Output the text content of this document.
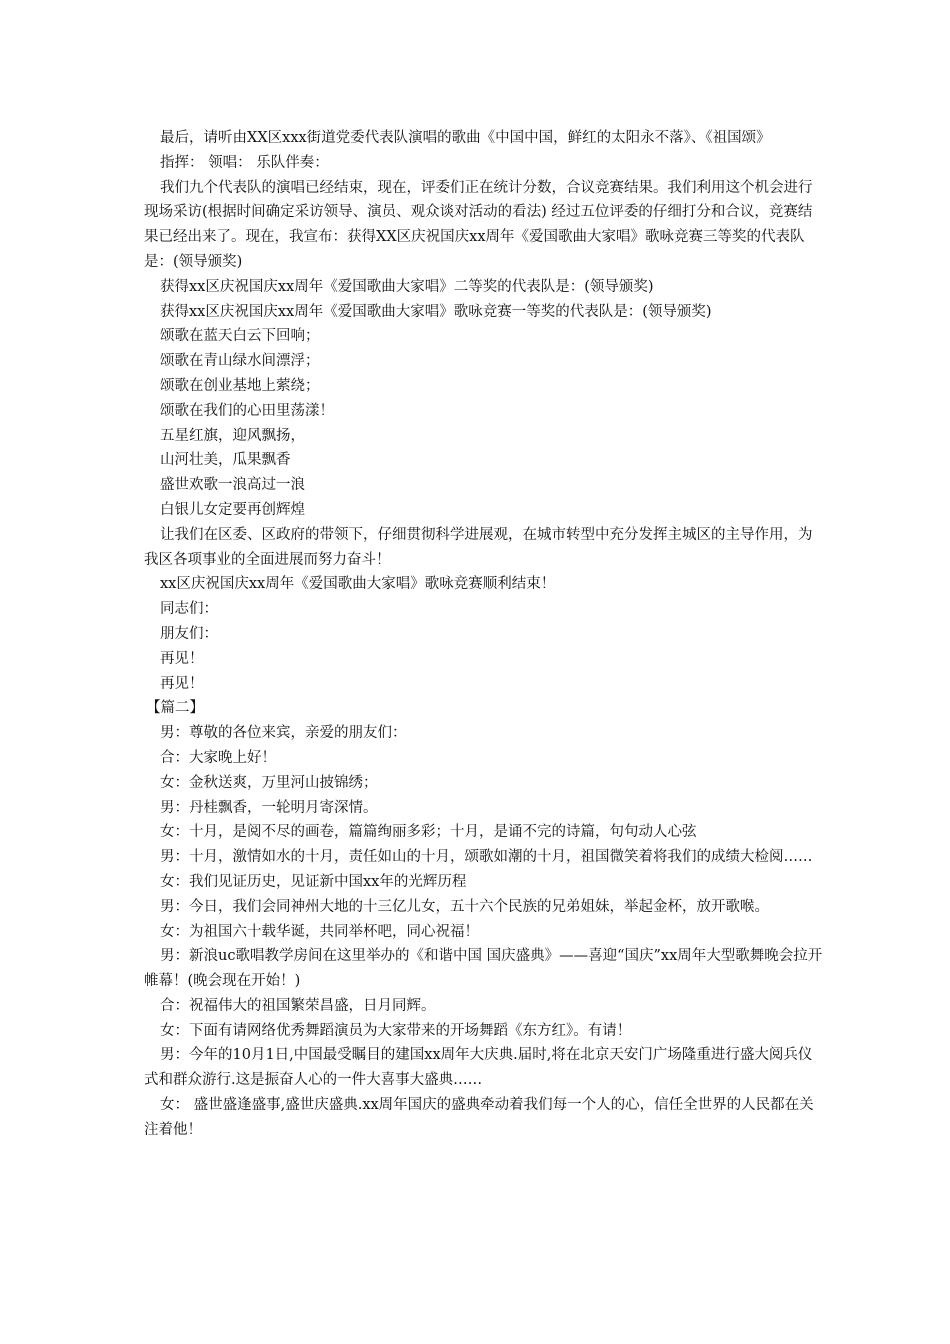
最后，请听由XX区xxx街道党委代表队演唱的歌曲《中国中国，鲜红的太阳永不落》、《祖国颂》

指挥： 领唱： 乐队伴奏：

我们九个代表队的演唱已经结束，现在，评委们正在统计分数，合议竞赛结果。我们利用这个机会进行现场采访(根据时间确定采访领导、演员、观众谈对活动的看法) 经过五位评委的仔细打分和合议，竞赛结果已经出来了。现在，我宣布：获得XX区庆祝国庆xx周年《爱国歌曲大家唱》歌咏竞赛三等奖的代表队是：(领导颁奖)

获得xx区庆祝国庆xx周年《爱国歌曲大家唱》二等奖的代表队是：(领导颁奖)

获得xx区庆祝国庆xx周年《爱国歌曲大家唱》歌咏竞赛一等奖的代表队是：(领导颁奖)

颂歌在蓝天白云下回响；

颂歌在青山绿水间漂浮；

颂歌在创业基地上萦绕；

颂歌在我们的心田里荡漾！

五星红旗，迎风飘扬，

山河壮美，瓜果飘香

盛世欢歌一浪高过一浪

白银儿女定要再创辉煌

让我们在区委、区政府的带领下，仔细贯彻科学进展观，在城市转型中充分发挥主城区的主导作用，为我区各项事业的全面进展而努力奋斗！

xx区庆祝国庆xx周年《爱国歌曲大家唱》歌咏竞赛顺利结束！

同志们：

朋友们：

再见！

再见！

【篇二】

男：尊敬的各位来宾，亲爱的朋友们：

合：大家晚上好！

女：金秋送爽，万里河山披锦绣；

男：丹桂飘香，一轮明月寄深情。

女：十月，是阅不尽的画卷，篇篇绚丽多彩；十月，是诵不完的诗篇，句句动人心弦

男：十月，激情如水的十月，责任如山的十月，颂歌如潮的十月，祖国微笑着将我们的成绩大检阅……

女：我们见证历史，见证新中国xx年的光辉历程

男：今日，我们会同神州大地的十三亿儿女，五十六个民族的兄弟姐妹，举起金杯，放开歌喉。

女：为祖国六十载华诞，共同举杯吧，同心祝福！

男：新浪uc歌唱教学房间在这里举办的《和谐中国 国庆盛典》——喜迎“国庆”xx周年大型歌舞晚会拉开帷幕！(晚会现在开始！)

合：祝福伟大的祖国繁荣昌盛，日月同辉。

女：下面有请网络优秀舞蹈演员为大家带来的开场舞蹈《东方红》。有请！

男：今年的10月1日,中国最受瞩目的建国xx周年大庆典.届时,将在北京天安门广场隆重进行盛大阅兵仪式和群众游行.这是振奋人心的一件大喜事大盛典……

女： 盛世盛逢盛事,盛世庆盛典.xx周年国庆的盛典牵动着我们每一个人的心，信任全世界的人民都在关注着他！
